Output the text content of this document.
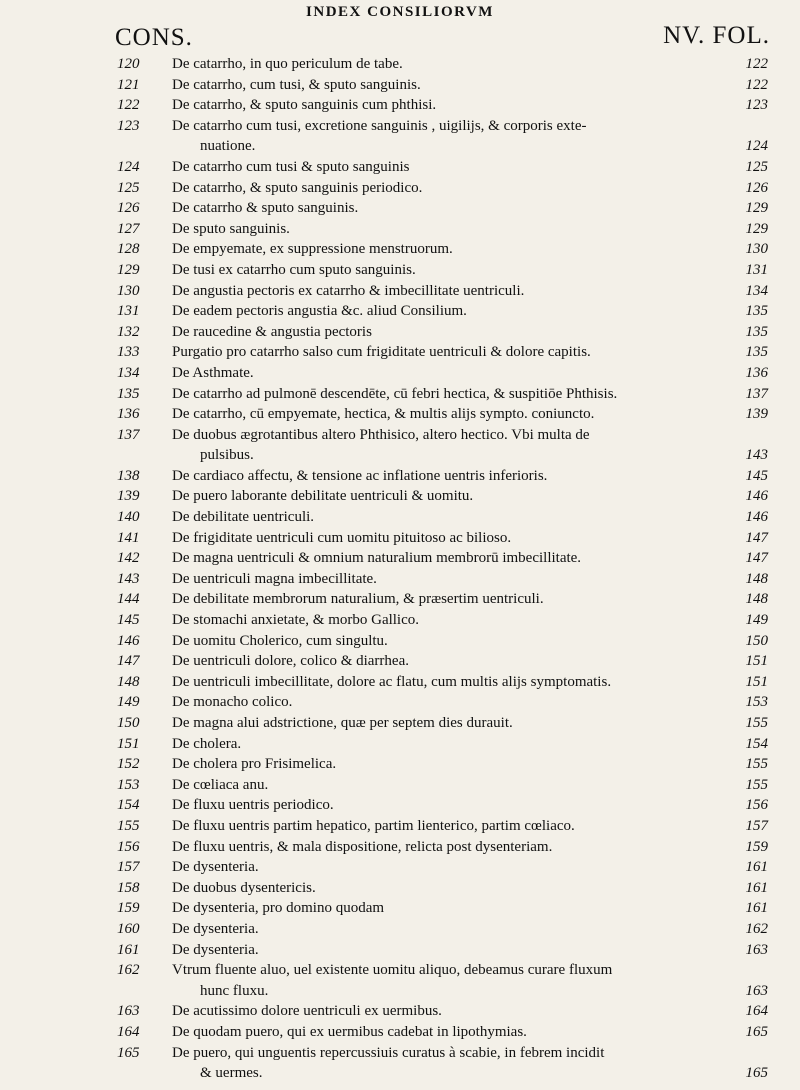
INDEX CONSILIORVM
CONS.	NV. FOL.
120 De catarrho, in quo periculum de tabe.	122
121 De catarrho, cum tusi, & sputo sanguinis.	122
122 De catarrho, & sputo sanguinis cum phthisi.	123
123 De catarrho cum tusi, excretione sanguinis , uigilijs, & corporis exte-
nuatione.	124
124 De catarrho cum tusi & sputo sanguinis	125
125 De catarrho, & sputo sanguinis periodico.	126
126 De catarrho & sputo sanguinis.	129
127 De sputo sanguinis.	129
128 De empyemate, ex suppressione menstruorum.	130
129 De tusi ex catarrho cum sputo sanguinis.	131
130 De angustia pectoris ex catarrho & imbecillitate uentriculi.	134
131 De eadem pectoris angustia &c. aliud Consilium.	135
132 De raucedine & angustia pectoris	135
133 Purgatio pro catarrho salso cum frigiditate uentriculi & dolore capitis.	135
134 De Asthmate.	136
135 De catarrho ad pulmonē descendēte, cū febri hectica, & suspitiōe Phthisis.	137
136 De catarrho, cū empyemate, hectica, & multis alijs sympto. coniuncto.	139
137 De duobus ægrotantibus altero Phthisico, altero hectico. Vbi multa de
pulsibus.	143
138 De cardiaco affectu, & tensione ac inflatione uentris inferioris.	145
139 De puero laborante debilitate uentriculi & uomitu.	146
140 De debilitate uentriculi.	146
141 De frigiditate uentriculi cum uomitu pituitoso ac bilioso.	147
142 De magna uentriculi & omnium naturalium membrorū imbecillitate.	147
143 De uentriculi magna imbecillitate.	148
144 De debilitate membrorum naturalium, & præsertim uentriculi.	148
145 De stomachi anxietate, & morbo Gallico.	149
146 De uomitu Cholerico, cum singultu.	150
147 De uentriculi dolore, colico & diarrhea.	151
148 De uentriculi imbecillitate, dolore ac flatu, cum multis alijs symptomatis.	151
149 De monacho colico.	153
150 De magna alui adstrictione, quæ per septem dies durauit.	155
151 De cholera.	154
152 De cholera pro Frisimelica.	155
153 De cœliaca anu.	155
154 De fluxu uentris periodico.	156
155 De fluxu uentris partim hepatico, partim lienterico, partim cœliaco.	157
156 De fluxu uentris, & mala dispositione, relicta post dysenteriam.	159
157 De dysenteria.	161
158 De duobus dysentericis.	161
159 De dysenteria, pro domino quodam	161
160 De dysenteria.	162
161 De dysenteria.	163
162 Vtrum fluente aluo, uel existente uomitu aliquo, debeamus curare fluxum
hunc fluxu.	163
163 De acutissimo dolore uentriculi ex uermibus.	164
164 De quodam puero, qui ex uermibus cadebat in lipothymias.	165
165 De puero, qui unguentis repercussiuis curatus à scabie, in febrem incidit
& uermes.	165
